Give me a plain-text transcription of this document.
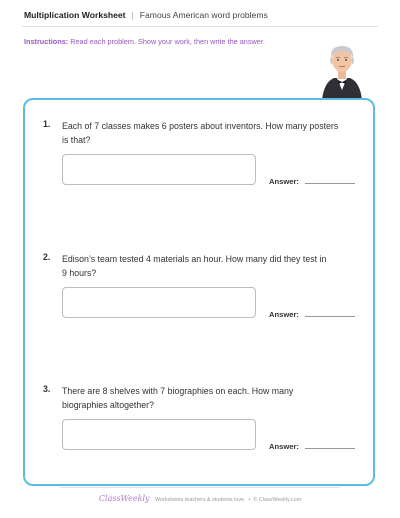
Multiplication Worksheet | Famous American word problems
Instructions: Read each problem. Show your work, then write the answer.
1. Each of 7 classes makes 6 posters about inventors. How many posters
is that?
Answer:
2. Edison’s team tested 4 materials an hour. How many did they test in
9 hours?
Answer:
3. There are 8 shelves with 7 biographies on each. How many
biographies altogether?
Answer:
ClassWeekly Worksheets teachers & students love. • © ClassWeekly.com
